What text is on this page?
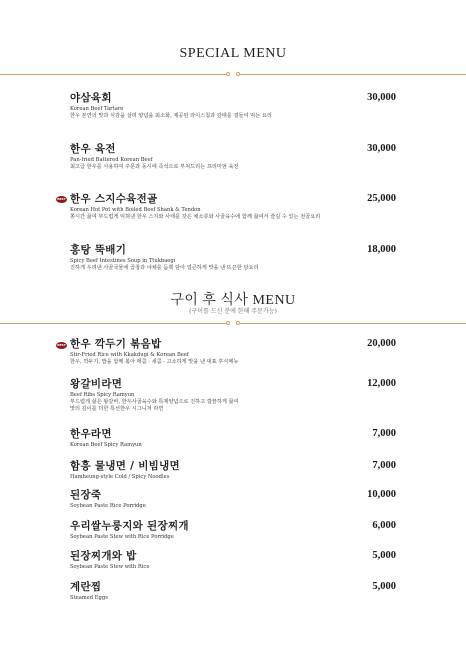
SPECIAL MENU
야삼육회
Korean Beef Tartare
한우 본연의 맛과 식감을 살려 양념을 최소화, 제공된 라이스칩과 감태를 곁들여 먹는 요리
30,000
한우 육전
Pan-fried Battered Korean Beef
최고급 한우를 사용하여 주문과 동시에 즉석으로 부쳐드리는 프리미엄 육전
30,000
BEST 한우 스지수육전골
Korean Hot Pot with Boiled Beef Shank & Tendon
쫑시간 끓여 부드럽게 익혀낸 한우 스지와 사태를 갖은 채소류와 사골육수에 함께 끓여서 즐길 수 있는 전골요리
25,000
홍탕 뚝배기
Spicy Beef Intestines Soup in Ttukbaegi
진하게 우려낸 사골국물에 곱창과 야채를 듬뿍 담아 얼큰하게 맛을 낸 뜨끈한 탕요리
18,000
구이 후 식사 MENU
(구이를 드신 분에 한해 주문가능)
BEST 한우 깍두기 볶음밥
Stir-Fried Rice with Kkakdugi & Korean Beef
한우, 깍두기, 밥을 함께 볶아 매콤 · 새콤 · 고소하게 맛을 낸 대표 후식메뉴
20,000
왕갈비라면
Beef Ribs Spicy Ramyun
부드럽게 삶은 왕갈비, 한우사골육수와 특제양념으로 진하고 깔끔하게 끓여
맛의 깊이를 더한 특선한우 시그니처 라면
12,000
한우라면
Korean Beef Spicy Ramyun
7,000
함흥 물냉면 / 비빔냉면
Hamheung-style Cold / Spicy Noodles
7,000
된장죽
Soybean Paste Rice Porridge
10,000
우리쌀누룽지와 된장찌개
Soybean Paste Stew with Rice Porridge
6,000
된장찌개와 밥
Soybean Paste Stew with Rice
5,000
계란찜
Steamed Eggs
5,000
